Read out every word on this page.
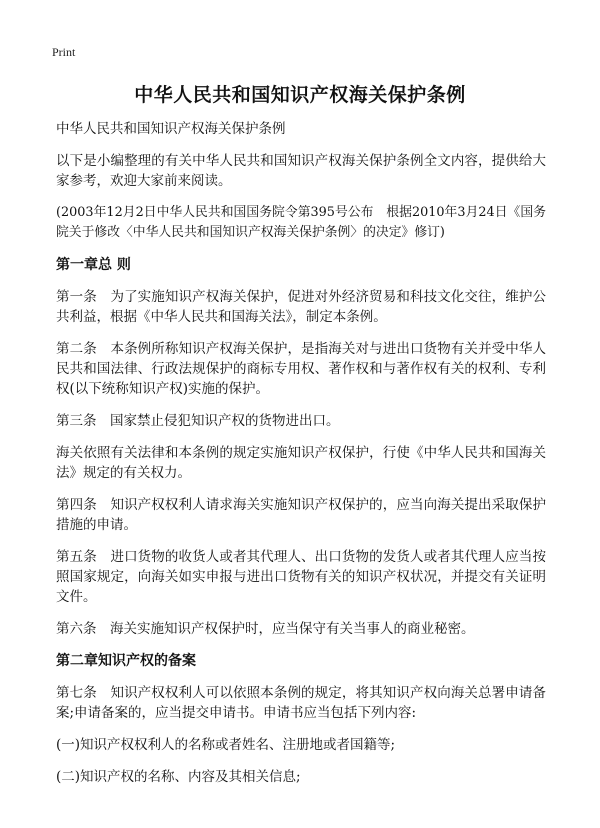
Print
中华人民共和国知识产权海关保护条例

中华人民共和国知识产权海关保护条例

以下是小编整理的有关中华人民共和国知识产权海关保护条例全文内容，提供给大家参考，欢迎大家前来阅读。

(2003年12月2日中华人民共和国国务院令第395号公布　根据2010年3月24日《国务院关于修改〈中华人民共和国知识产权海关保护条例〉的决定》修订)

第一章总 则

第一条　为了实施知识产权海关保护，促进对外经济贸易和科技文化交往，维护公共利益，根据《中华人民共和国海关法》，制定本条例。

第二条　本条例所称知识产权海关保护，是指海关对与进出口货物有关并受中华人民共和国法律、行政法规保护的商标专用权、著作权和与著作权有关的权利、专利权(以下统称知识产权)实施的保护。

第三条　国家禁止侵犯知识产权的货物进出口。

海关依照有关法律和本条例的规定实施知识产权保护，行使《中华人民共和国海关法》规定的有关权力。

第四条　知识产权权利人请求海关实施知识产权保护的，应当向海关提出采取保护措施的申请。

第五条　进口货物的收货人或者其代理人、出口货物的发货人或者其代理人应当按照国家规定，向海关如实申报与进出口货物有关的知识产权状况，并提交有关证明文件。

第六条　海关实施知识产权保护时，应当保守有关当事人的商业秘密。

第二章知识产权的备案

第七条　知识产权权利人可以依照本条例的规定，将其知识产权向海关总署申请备案;申请备案的，应当提交申请书。申请书应当包括下列内容:

(一)知识产权权利人的名称或者姓名、注册地或者国籍等;

(二)知识产权的名称、内容及其相关信息;
